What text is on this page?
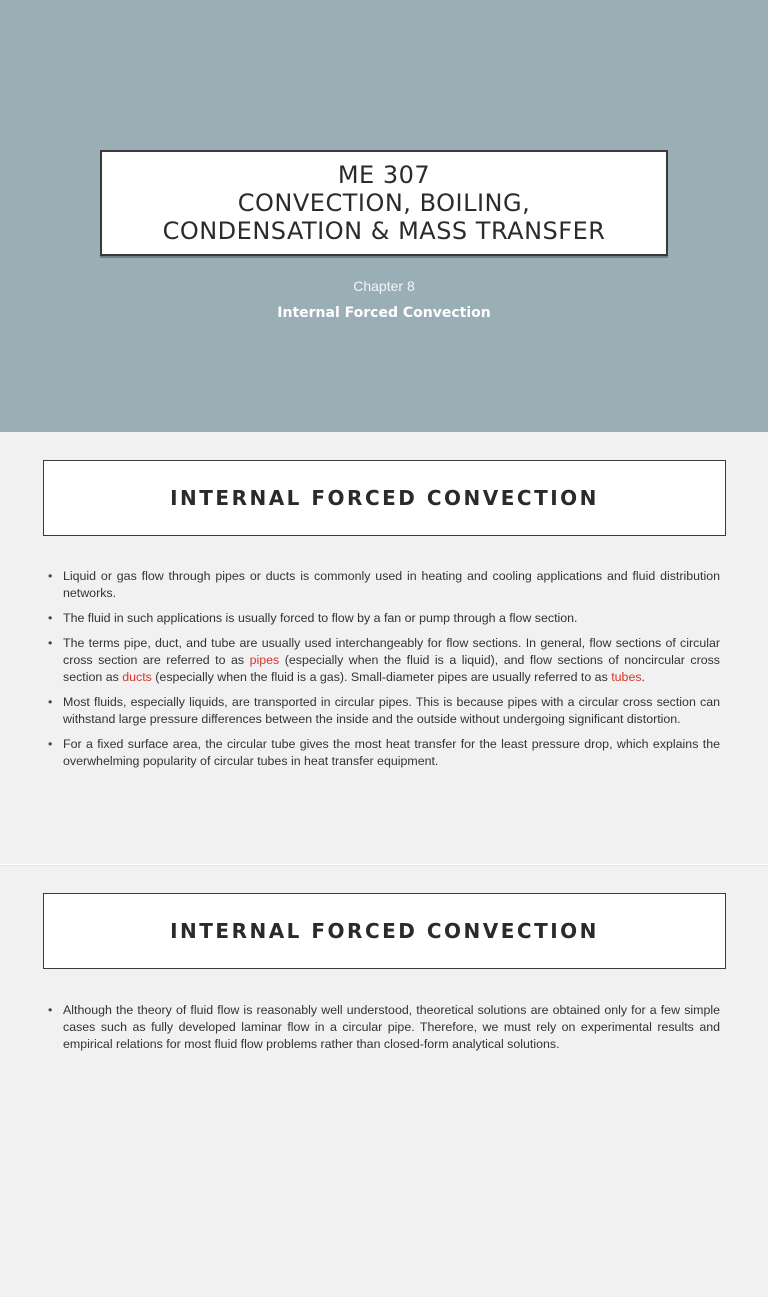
ME 307
CONVECTION, BOILING,
CONDENSATION & MASS TRANSFER
Chapter 8
Internal Forced Convection
INTERNAL FORCED CONVECTION
• Liquid or gas flow through pipes or ducts is commonly used in heating and cooling applications and fluid distribution networks.
• The fluid in such applications is usually forced to flow by a fan or pump through a flow section.
• The terms pipe, duct, and tube are usually used interchangeably for flow sections. In general, flow sections of circular cross section are referred to as pipes (especially when the fluid is a liquid), and flow sections of noncircular cross section as ducts (especially when the fluid is a gas). Small-diameter pipes are usually referred to as tubes.
• Most fluids, especially liquids, are transported in circular pipes. This is because pipes with a circular cross section can withstand large pressure differences between the inside and the outside without undergoing significant distortion.
• For a fixed surface area, the circular tube gives the most heat transfer for the least pressure drop, which explains the overwhelming popularity of circular tubes in heat transfer equipment.
INTERNAL FORCED CONVECTION
• Although the theory of fluid flow is reasonably well understood, theoretical solutions are obtained only for a few simple cases such as fully developed laminar flow in a circular pipe. Therefore, we must rely on experimental results and empirical relations for most fluid flow problems rather than closed-form analytical solutions.
